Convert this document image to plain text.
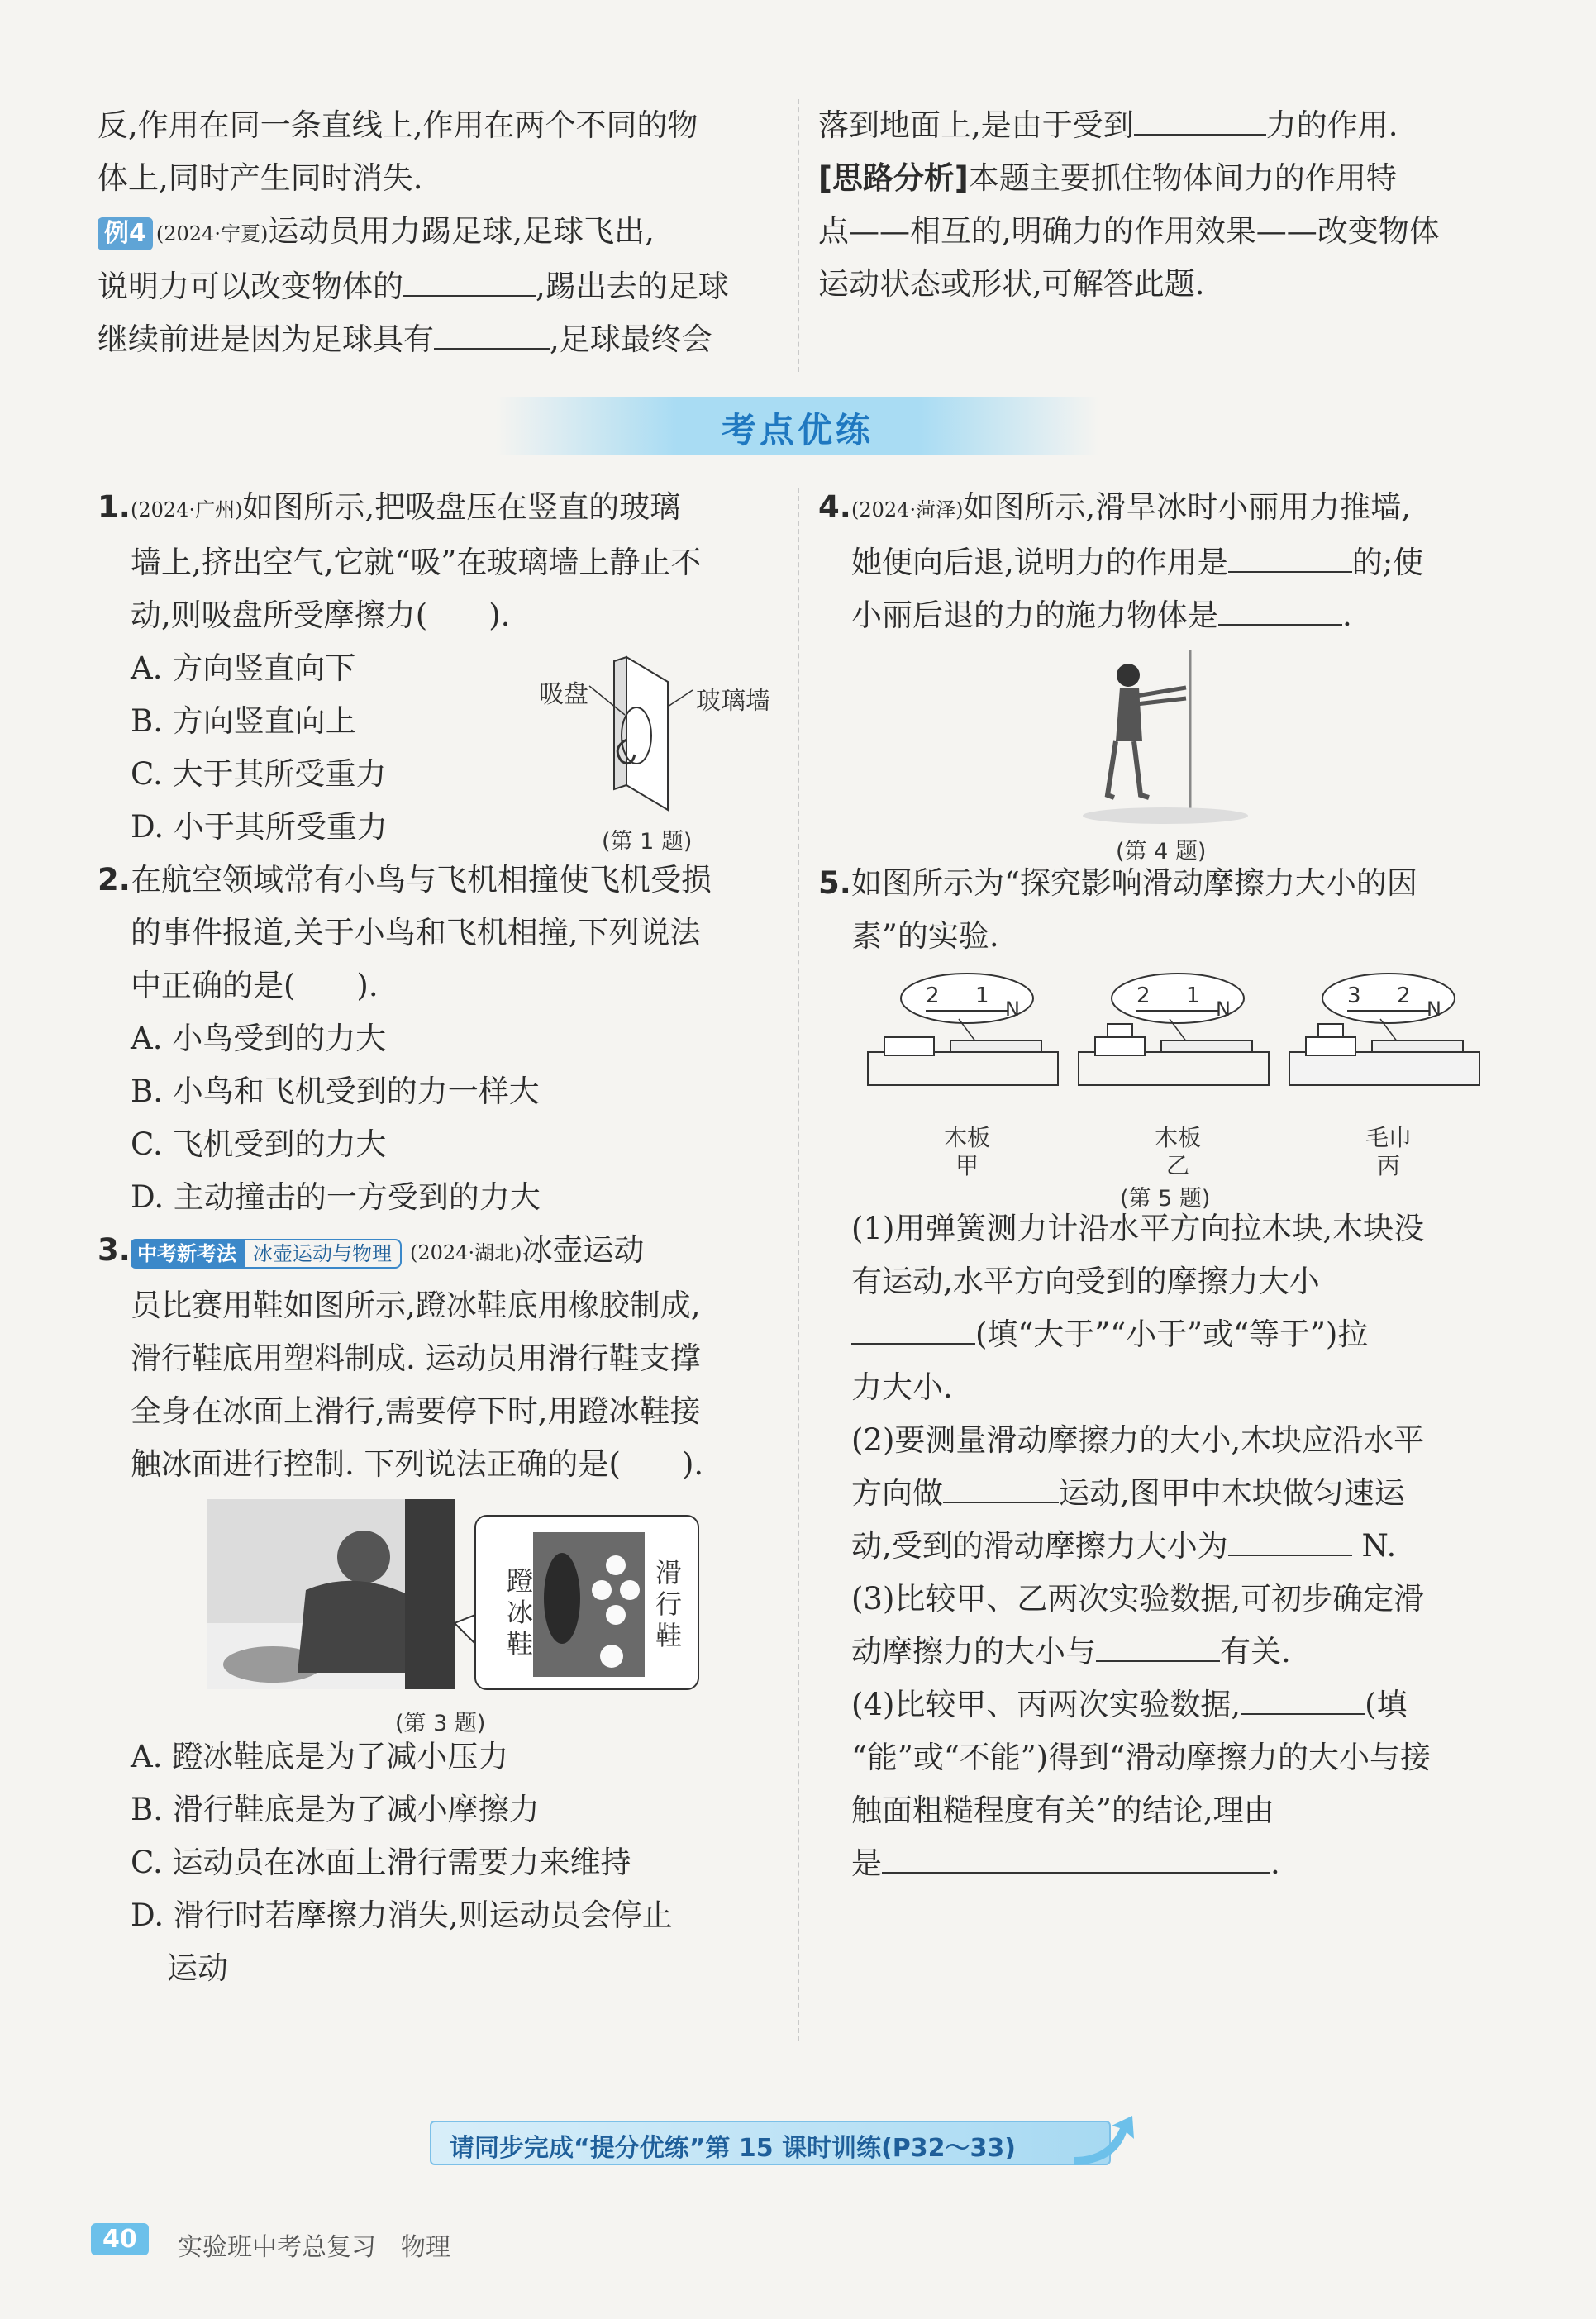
反,作用在同一条直线上,作用在两个不同的物
体上,同时产生同时消失.
例4 (2024·宁夏)运动员用力踢足球,足球飞出,
说明力可以改变物体的	,踢出去的足球
继续前进是因为足球具有	,足球最终会
落到地面上,是由于受到	力的作用.
[思路分析]本题主要抓住物体间力的作用特
点——相互的,明确力的作用效果——改变物体
运动状态或形状,可解答此题.
考点优练
1.(2024·广州)如图所示,把吸盘压在竖直的玻璃
墙上,挤出空气,它就“吸”在玻璃墙上静止不
动,则吸盘所受摩擦力(　　).
A. 方向竖直向下
B. 方向竖直向上
C. 大于其所受重力
D. 小于其所受重力
吸盘	玻璃墙
(第 1 题)
2.在航空领域常有小鸟与飞机相撞使飞机受损
的事件报道,关于小鸟和飞机相撞,下列说法
中正确的是(　　).
A. 小鸟受到的力大
B. 小鸟和飞机受到的力一样大
C. 飞机受到的力大
D. 主动撞击的一方受到的力大
3. 中考新考法 冰壶运动与物理 (2024·湖北)冰壶运动
员比赛用鞋如图所示,蹬冰鞋底用橡胶制成,
滑行鞋底用塑料制成. 运动员用滑行鞋支撑
全身在冰面上滑行,需要停下时,用蹬冰鞋接
触冰面进行控制. 下列说法正确的是(　　).
蹬冰鞋
滑行鞋
(第 3 题)
A. 蹬冰鞋底是为了减小压力
B. 滑行鞋底是为了减小摩擦力
C. 运动员在冰面上滑行需要力来维持
D. 滑行时若摩擦力消失,则运动员会停止
运动
4.(2024·菏泽)如图所示,滑旱冰时小丽用力推墙,
她便向后退,说明力的作用是	的;使
小丽后退的力的施力物体是	.
(第 4 题)
5.如图所示为“探究影响滑动摩擦力大小的因
素”的实验.
2 1
N
2 1
N
3 2
N
木板
甲
木板
乙
毛巾
丙
(第 5 题)
(1)用弹簧测力计沿水平方向拉木块,木块没
有运动,水平方向受到的摩擦力大小
(填“大于”“小于”或“等于”)拉
力大小.
(2)要测量滑动摩擦力的大小,木块应沿水平
方向做	运动,图甲中木块做匀速运
动,受到的滑动摩擦力大小为	N.
(3)比较甲、乙两次实验数据,可初步确定滑
动摩擦力的大小与	有关.
(4)比较甲、丙两次实验数据,	(填
“能”或“不能”)得到“滑动摩擦力的大小与接
触面粗糙程度有关”的结论,理由
是	.
请同步完成“提分优练”第 15 课时训练(P32～33)
40	实验班中考总复习　物理
